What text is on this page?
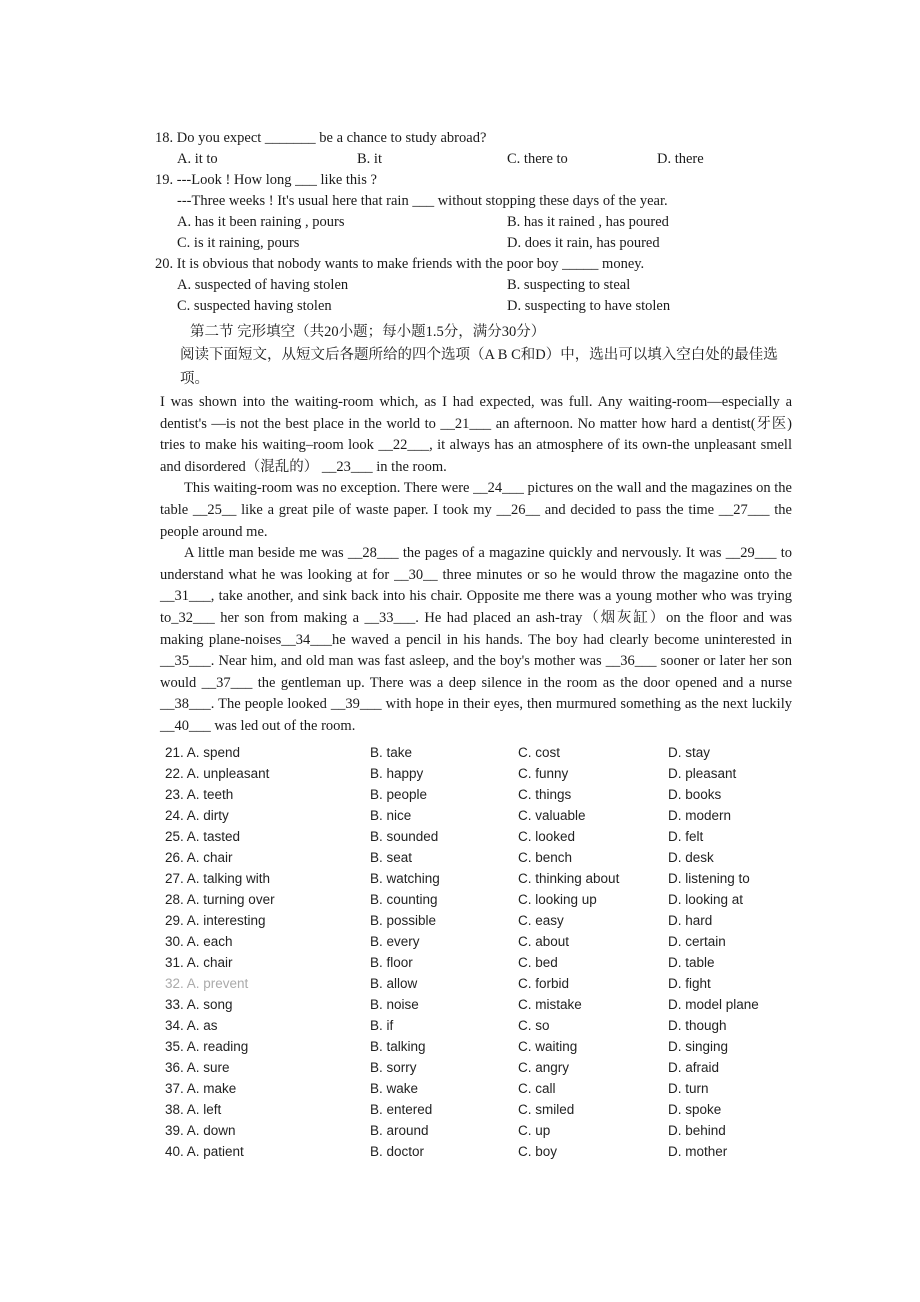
18. Do you expect _______ be a chance to study abroad?

A. it to	B. it	C. there to	D. there

19. ---Look ! How long ___ like this ?

---Three weeks ! It's usual here that rain ___ without stopping these days of the year.

A. has it been raining , pours	B. has it rained , has poured
C. is it raining, pours	D. does it rain, has poured

20. It is obvious that nobody wants to make friends with the poor boy _____ money.

A. suspected of having stolen	B. suspecting to steal
C. suspected having stolen	D. suspecting to have stolen
第二节 完形填空（共20小题；每小题1.5分，满分30分）
阅读下面短文，从短文后各题所给的四个选项（A B C和D）中，选出可以填入空白处的最佳选项。

I was shown into the waiting-room which, as I had expected, was full. Any waiting-room—especially a dentist's —is not the best place in the world to __21___ an afternoon. No matter how hard a dentist(牙医) tries to make his waiting–room look __22___, it always has an atmosphere of its own-the unpleasant smell and disordered（混乱的） __23___ in the room.

This waiting-room was no exception. There were __24___ pictures on the wall and the magazines on the table __25__ like a great pile of waste paper. I took my __26__ and decided to pass the time __27___ the people around me.

A little man beside me was __28___ the pages of a magazine quickly and nervously. It was __29___ to understand what he was looking at for __30__ three minutes or so he would throw the magazine onto the __31___, take another, and sink back into his chair. Opposite me there was a young mother who was trying to_32___ her son from making a __33___. He had placed an ash-tray（烟灰缸）on the floor and was making plane-noises__34___he waved a pencil in his hands. The boy had clearly become uninterested in __35___. Near him, and old man was fast asleep, and the boy's mother was __36___ sooner or later her son would __37___ the gentleman up. There was a deep silence in the room as the door opened and a nurse __38___. The people looked __39___ with hope in their eyes, then murmured something as the next luckily __40___ was led out of the room.

21. A. spend	B. take	C. cost	D. stay
22. A. unpleasant	B. happy	C. funny	D. pleasant
23. A. teeth	B. people	C. things	D. books
24. A. dirty	B. nice	C. valuable	D. modern
25. A. tasted	B. sounded	C. looked	D. felt
26. A. chair	B. seat	C. bench	D. desk
27. A. talking with	B. watching	C. thinking about	D. listening to
28. A. turning over	B. counting	C. looking up	D. looking at
29. A. interesting	B. possible	C. easy	D. hard
30. A. each	B. every	C. about	D. certain
31. A. chair	B. floor	C. bed	D. table
32. A. prevent	B. allow	C. forbid	D. fight
33. A. song	B. noise	C. mistake	D. model plane
34. A. as	B. if	C. so	D. though
35. A. reading	B. talking	C. waiting	D. singing
36. A. sure	B. sorry	C. angry	D. afraid
37. A. make	B. wake	C. call	D. turn
38. A. left	B. entered	C. smiled	D. spoke
39. A. down	B. around	C. up	D. behind
40. A. patient	B. doctor	C. boy	D. mother
